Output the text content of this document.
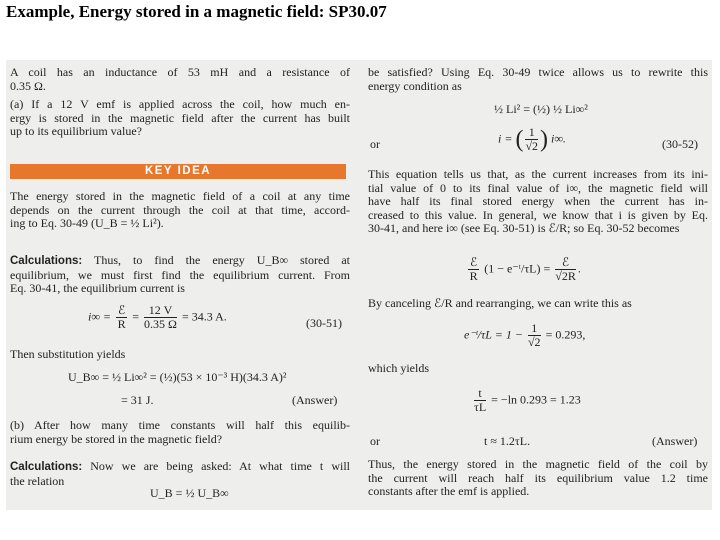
Example, Energy stored in a magnetic field: SP30.07
A coil has an inductance of 53 mH and a resistance of
0.35 Ω.
(a) If a 12 V emf is applied across the coil, how much en-
ergy is stored in the magnetic field after the current has built
up to its equilibrium value?
KEY IDEA
The energy stored in the magnetic field of a coil at any time
depends on the current through the coil at that time, accord-
ing to Eq. 30-49 (U_B = ½ Li²).
Calculations: Thus, to find the energy U_B∞ stored at
equilibrium, we must first find the equilibrium current. From
Eq. 30-41, the equilibrium current is
$i\infty = \frac{\text{ℰ}}{R} = \frac{12 V}{0.35 \Omega} = 34.3$ A.	(30-51)
Then substitution yields
U_B∞ = ½ Li∞² = (½)(53 × 10⁻³ H)(34.3 A)²
= 31 J.	(Answer)
(b) After how many time constants will half this equilib-
rium energy be stored in the magnetic field?
Calculations: Now we are being asked: At what time t will
the relation
U_B = ½ U_B∞
be satisfied? Using Eq. 30-49 twice allows us to rewrite this
energy condition as
½ Li² = (½) ½ Li∞²
or	i = ( $\frac{1}{√2}$ ) i∞.	(30-52)
This equation tells us that, as the current increases from its ini-
tial value of 0 to its final value of i∞, the magnetic field will
have half its final stored energy when the current has in-
creased to this value. In general, we know that i is given by Eq.
30-41, and here i∞ (see Eq. 30-51) is ℰ/R; so Eq. 30-52 becomes
$\frac{\text{ℰ}}{R} (1$ − e⁻ᵗ/τL) = $\frac{\text{ℰ}}{√2R}$ .
By canceling ℰ/R and rearranging, we can write this as
e⁻ᵗ/τL = $1 - \frac{1}{√2} = 0.293$,
which yields
$\frac{t}{\tau L} = -\ln$ 0.293 = 1.23
or	t ≈ 1.2τL.	(Answer)
Thus, the energy stored in the magnetic field of the coil by
the current will reach half its equilibrium value 1.2 time
constants after the emf is applied.
